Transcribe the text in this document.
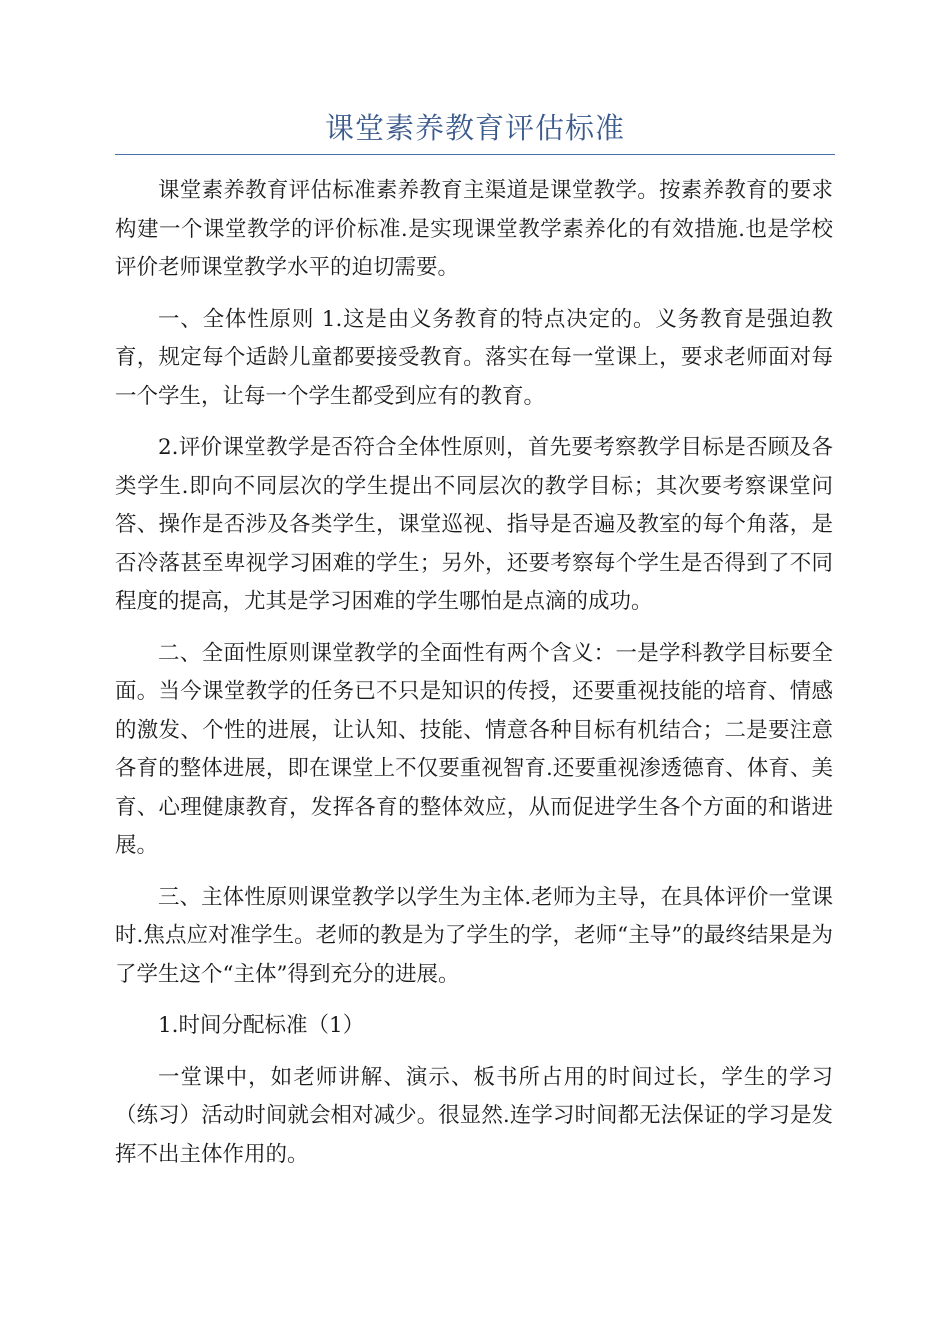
课堂素养教育评估标准

课堂素养教育评估标准素养教育主渠道是课堂教学。按素养教育的要求构建一个课堂教学的评价标准.是实现课堂教学素养化的有效措施.也是学校评价老师课堂教学水平的迫切需要。

一、全体性原则 1.这是由义务教育的特点决定的。义务教育是强迫教育，规定每个适龄儿童都要接受教育。落实在每一堂课上，要求老师面对每一个学生，让每一个学生都受到应有的教育。

2.评价课堂教学是否符合全体性原则，首先要考察教学目标是否顾及各类学生.即向不同层次的学生提出不同层次的教学目标；其次要考察课堂问答、操作是否涉及各类学生，课堂巡视、指导是否遍及教室的每个角落，是否冷落甚至卑视学习困难的学生；另外，还要考察每个学生是否得到了不同程度的提高，尤其是学习困难的学生哪怕是点滴的成功。

二、全面性原则课堂教学的全面性有两个含义：一是学科教学目标要全面。当今课堂教学的任务已不只是知识的传授，还要重视技能的培育、情感的激发、个性的进展，让认知、技能、情意各种目标有机结合；二是要注意各育的整体进展，即在课堂上不仅要重视智育.还要重视渗透德育、体育、美育、心理健康教育，发挥各育的整体效应，从而促进学生各个方面的和谐进展。

三、主体性原则课堂教学以学生为主体.老师为主导，在具体评价一堂课时.焦点应对准学生。老师的教是为了学生的学，老师“主导”的最终结果是为了学生这个“主体”得到充分的进展。

1.时间分配标准（1）

一堂课中，如老师讲解、演示、板书所占用的时间过长，学生的学习（练习）活动时间就会相对减少。很显然.连学习时间都无法保证的学习是发挥不出主体作用的。
